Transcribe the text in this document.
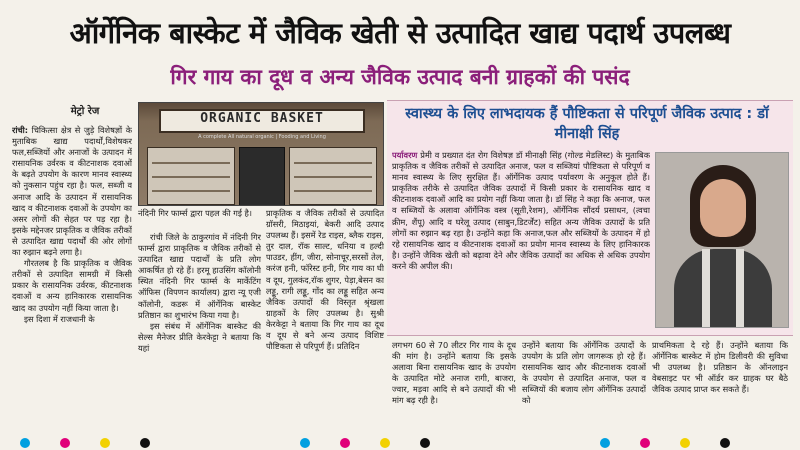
ऑर्गेनिक बास्केट में जैविक खेती से उत्पादित खाद्य पदार्थ उपलब्ध
गिर गाय का दूध व अन्य जैविक उत्पाद बनी ग्राहकों की पसंद
मेट्रो रेज

रांची: चिकित्सा क्षेत्र से जुड़े विशेषज्ञों के मुताबिक खाद्य पदार्थों,विशेषकर फल,सब्जियों और अनाजों के उत्पादन में रासायनिक उर्वरक व कीटनाशक दवाओं के बढ़ते उपयोग के कारण मानव स्वास्थ्य को नुकसान पहुंच रहा है। फल, सब्जी व अनाज आदि के उत्पादन में रासायनिक खाद व कीटनाशक दवाओं के उपयोग का असर लोगों की सेहत पर पड़ रहा है। इसके मद्देनजर प्राकृतिक व जैविक तरीकों से उत्पादित खाद्य पदार्थों की ओर लोगों का रुझान बढ़ने लगा है।

गौरतलब है कि प्राकृतिक व जैविक तरीकों से उत्पादित सामग्री में किसी प्रकार के रासायनिक उर्वरक, कीटनाशक दवाओं व अन्य हानिकारक रासायनिक खाद का उपयोग नहीं किया जाता है।

इस दिशा में राजधानी के

ORGANIC BASKET
A complete All natural organic | Fooding and Living
नंदिनी गिर फार्म्स द्वारा पहल की गई है।

रांची जिले के ठाकुरगांव में नंदिनी गिर फार्म्स द्वारा प्राकृतिक व जैविक तरीकों से उत्पादित खाद्य पदार्थों के प्रति लोग आकर्षित हो रहे हैं। हरमू हाउसिंग कॉलोनी स्थित नंदिनी गिर फार्म्स के मार्केटिंग ऑफिस (विपणन कार्यालय) द्वारा न्यू एजी कॉलोनी, कडरू में ऑर्गेनिक बास्केट प्रतिष्ठान का शुभारंभ किया गया है।

इस संबंध में ऑर्गेनिक बास्केट की सेल्स मैनेजर प्रीति केरकेट्टा ने बताया कि यहां

प्राकृतिक व जैविक तरीकों से उत्पादित ग्रॉसरी, मिठाइयां, बेकरी आदि उत्पाद उपलब्ध हैं। इसमें रेड राइस, ब्लैक राइस, तुर दाल, रॉक साल्ट, धनिया व हल्दी पाउडर, हींग, जीरा, सोनाचूर,सरसों तेल, करंज हनी, फॉरेस्ट हनी, गिर गाय का घी व दूध, गुलकंद,रॉक शुगर, पेड़ा,बेसन का लड्डू, रागी लड्डू, गोंद का लड्डू सहित अन्य जैविक उत्पादों की विस्तृत श्रृंखला ग्राहकों के लिए उपलब्ध है। सुश्री केरकेट्टा ने बताया कि गिर गाय का दूध व दूध से बने अन्य उत्पाद विशिष्ट पौष्टिकता से परिपूर्ण हैं। प्रतिदिन

स्वास्थ्य के लिए लाभदायक हैं पौष्टिकता से परिपूर्ण जैविक उत्पाद : डॉ मीनाक्षी सिंह
पर्यावरण प्रेमी व प्रख्यात दंत रोग विशेषज्ञ डॉ मीनाक्षी सिंह (गोल्ड मेडलिस्ट) के मुताबिक प्राकृतिक व जैविक तरीकों से उत्पादित अनाज, फल व सब्जियां पौष्टिकता से परिपूर्ण व मानव स्वास्थ्य के लिए सुरक्षित हैं। ऑर्गेनिक उत्पाद पर्यावरण के अनुकूल होते हैं। प्राकृतिक तरीके से उत्पादित जैविक उत्पादों में किसी प्रकार के रासायनिक खाद व कीटनाशक दवाओं आदि का प्रयोग नहीं किया जाता है। डॉ सिंह ने कहा कि अनाज, फल व सब्जियों के अलावा ऑर्गेनिक वस्त्र (सूती,रेशम), ऑर्गेनिक सौंदर्य प्रसाधन, (त्वचा क्रीम, शैंपू) आदि व घरेलू उत्पाद (साबुन,डिटर्जेंट) सहित अन्य जैविक उत्पादों के प्रति लोगों का रुझान बढ़ रहा है। उन्होंने कहा कि अनाज,फल और सब्जियों के उत्पादन में हो रहे रासायनिक खाद व कीटनाशक दवाओं का प्रयोग मानव स्वास्थ्य के लिए हानिकारक है। उन्होंने जैविक खेती को बढ़ावा देने और जैविक उत्पादों का अधिक से अधिक उपयोग करने की अपील की।

लगभग 60 से 70 लीटर गिर गाय के दूध की मांग है। उन्होंने बताया कि इसके अलावा बिना रासायनिक खाद के उपयोग के उत्पादित मोटे अनाज रागी, बाजरा, ज्वार, मड़वा आदि से बने उत्पादों की भी मांग बढ़ रही है।

उन्होंने बताया कि ऑर्गेनिक उत्पादों के उपयोग के प्रति लोग जागरूक हो रहे हैं। रासायनिक खाद और कीटनाशक दवाओं के उपयोग से उत्पादित अनाज, फल व सब्जियों की बजाय लोग ऑर्गेनिक उत्पादों को

प्राथमिकता दे रहे हैं। उन्होंने बताया कि ऑर्गेनिक बास्केट में होम डिलीवरी की सुविधा भी उपलब्ध है। प्रतिष्ठान के ऑनलाइन वेबसाइट पर भी ऑर्डर कर ग्राहक घर बैठे जैविक उत्पाद प्राप्त कर सकते हैं।
